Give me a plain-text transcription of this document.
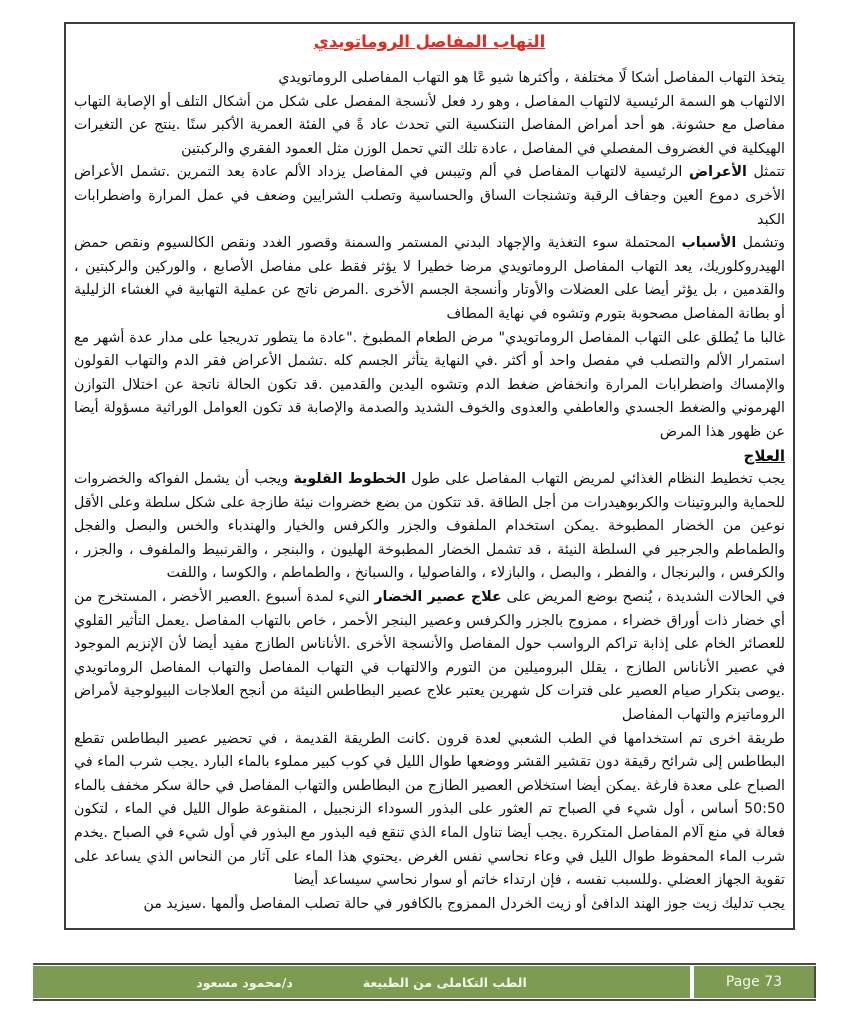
التهاب المفاصل الروماتويدي

يتخذ التهاب المفاصل أشكا لًا مختلفة ، وأكثرها شيو عًا هو التهاب المفاصلى الروماتويدي

الالتهاب هو السمة الرئيسية لالتهاب المفاصل ، وهو رد فعل لأنسجة المفصل على شكل من أشكال التلف أو الإصابة التهاب مفاصل مع حشونة. هو أحد أمراض المفاصل التنكسية التي تحدث عاد ةً في الفئة العمرية الأكبر سنًا .ينتج عن التغيرات الهيكلية في الغضروف المفصلي في المفاصل ، عادة تلك التي تحمل الوزن مثل العمود الفقري والركبتين

تتمثل الأعراض الرئيسية لالتهاب المفاصل في ألم وتيبس في المفاصل يزداد الألم عادة بعد التمرين .تشمل الأعراض الأخرى دموع العين وجفاف الرقبة وتشنجات الساق والحساسية وتصلب الشرايين وضعف في عمل المرارة واضطرابات الكبد

وتشمل الأسباب المحتملة سوء التغذية والإجهاد البدني المستمر والسمنة وقصور الغدد ونقص الكالسيوم ونقص حمض الهيدروكلوريك، يعد التهاب المفاصل الروماتويدي مرضا خطيرا لا يؤثر فقط على مفاصل الأصابع ، والوركين والركبتين ، والقدمين ، بل يؤثر أيضا على العضلات والأوتار وأنسجة الجسم الأخرى .المرض ناتج عن عملية التهابية في الغشاء الزليلية أو بطانة المفاصل مصحوبة بتورم وتشوه في نهاية المطاف

غالبا ما يُطلق على التهاب المفاصل الروماتويدي" مرض الطعام المطبوخ ."عادة ما يتطور تدريجيا على مدار عدة أشهر مع استمرار الألم والتصلب في مفصل واحد أو أكثر .في النهاية يتأثر الجسم كله .تشمل الأعراض فقر الدم والتهاب القولون والإمساك واضطرابات المرارة وانخفاض ضغط الدم وتشوه اليدين والقدمين .قد تكون الحالة ناتجة عن اختلال التوازن الهرموني والضغط الجسدي والعاطفي والعدوى والخوف الشديد والصدمة والإصابة قد تكون العوامل الوراثية مسؤولة أيضا عن ظهور هذا المرض

العلاج

يجب تخطيط النظام الغذائي لمريض التهاب المفاصل على طول الخطوط القلوية ويجب أن يشمل الفواكه والخضروات للحماية والبروتينات والكربوهيدرات من أجل الطاقة .قد تتكون من بضع خضروات نيئة طازجة على شكل سلطة وعلى الأقل نوعين من الخضار المطبوخة .يمكن استخدام الملفوف والجزر والكرفس والخيار والهندباء والخس والبصل والفجل والطماطم والجرجير في السلطة النيئة ، قد تشمل الخضار المطبوخة الهليون ، والبنجر ، والقرنبيط والملفوف ، والجزر ، والكرفس ، والبرنجال ، والفطر ، والبصل ، والبازلاء ، والفاصوليا ، والسبانخ ، والطماطم ، والكوسا ، واللفت

في الحالات الشديدة ، يُنصح بوضع المريض على علاج عصير الخضار النيء لمدة أسبوع .العصير الأخضر ، المستخرج من أي خضار ذات أوراق خضراء ، ممزوج بالجزر والكرفس وعصير البنجر الأحمر ، خاص بالتهاب المفاصل .يعمل التأثير القلوي للعصائر الخام على إذابة تراكم الرواسب حول المفاصل والأنسجة الأخرى .الأناناس الطازج مفيد أيضا لأن الإنزيم الموجود في عصير الأناناس الطازج ، يقلل البروميلين من التورم والالتهاب في التهاب المفاصل والتهاب المفاصل الروماتويدي .يوصى بتكرار صيام العصير على فترات كل شهرين يعتبر علاج عصير البطاطس النيئة من أنجح العلاجات البيولوجية لأمراض الروماتيزم والتهاب المفاصل

طريقة اخرى تم استخدامها في الطب الشعبي لعدة قرون .كانت الطريقة القديمة ، في تحضير عصير البطاطس تقطع البطاطس إلى شرائح رقيقة دون تقشير القشر ووضعها طوال الليل في كوب كبير مملوء بالماء البارد .يجب شرب الماء في الصباح على معدة فارغة .يمكن أيضا استخلاص العصير الطازج من البطاطس والتهاب المفاصل في حالة سكر مخفف بالماء 50:50 أساس ، أول شيء في الصباح تم العثور على البذور السوداء الزنجبيل ، المنقوعة طوال الليل في الماء ، لتكون فعالة في منع آلام المفاصل المتكررة .يجب أيضا تناول الماء الذي تنقع فيه البذور مع البذور في أول شيء في الصباح .يخدم شرب الماء المحفوظ طوال الليل في وعاء نحاسي نفس الغرض .يحتوي هذا الماء على آثار من النحاس الذي يساعد على تقوية الجهاز العضلي .وللسبب نفسه ، فإن ارتداء خاتم أو سوار نحاسي سيساعد أيضا

يجب تدليك زيت جوز الهند الدافئ أو زيت الخردل الممزوج بالكافور في حالة تصلب المفاصل وألمها .سيزيد من

الطب التكاملى من الطبيعة
د/محمود مسعود	Page 73
